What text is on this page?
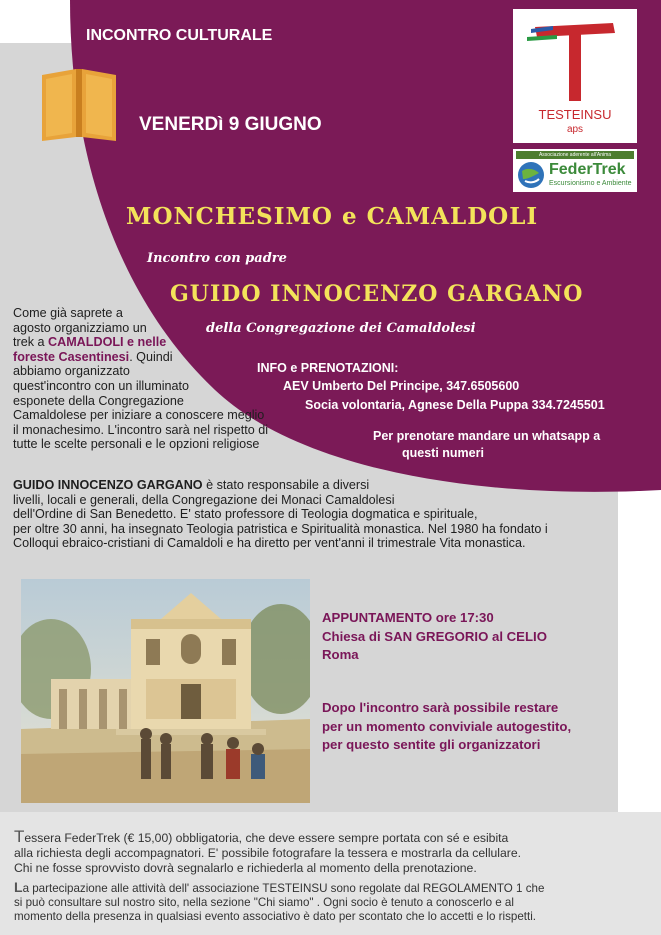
INCONTRO CULTURALE
VENERDì 9 GIUGNO	TESTEINSU
aps
Associazione aderente all'Anima
FederTrek
Escursionismo e Ambiente
MONCHESIMO e CAMALDOLI
Incontro con padre
GUIDO INNOCENZO GARGANO
della Congregazione dei Camaldolesi
INFO e PRENOTAZIONI:
AEV Umberto Del Principe, 347.6505600
Socia volontaria, Agnese Della Puppa 334.7245501
Per prenotare mandare un whatsapp a
questi numeri
Come già saprete a
agosto organizziamo un
trek a CAMALDOLI e nelle
foreste Casentinesi. Quindi
abbiamo organizzato
quest'incontro con un illuminato
esponete della Congregazione
Camaldolese per iniziare a conoscere meglio
il monachesimo. L'incontro sarà nel rispetto di
tutte le scelte personali e le opzioni religiose
GUIDO INNOCENZO GARGANO è stato responsabile a diversi
livelli, locali e generali, della Congregazione dei Monaci Camaldolesi
dell'Ordine di San Benedetto. E' stato professore di Teologia dogmatica e spirituale,
per oltre 30 anni, ha insegnato Teologia patristica e Spiritualità monastica. Nel 1980 ha fondato i
Colloqui ebraico-cristiani di Camaldoli e ha diretto per vent'anni il trimestrale Vita monastica.
APPUNTAMENTO ore 17:30
Chiesa di SAN GREGORIO al CELIO
Roma
Dopo l'incontro sarà possibile restare
per un momento conviviale autogestito,
per questo sentite gli organizzatori
Tessera FederTrek (€ 15,00) obbligatoria, che deve essere sempre portata con sé e esibita
alla richiesta degli accompagnatori. E' possibile fotografare la tessera e mostrarla da cellulare.
Chi ne fosse sprovvisto dovrà segnalarlo e richiederla al momento della prenotazione.
La partecipazione alle attività dell' associazione TESTEINSU sono regolate dal REGOLAMENTO 1 che
si può consultare sul nostro sito, nella sezione "Chi siamo" . Ogni socio è tenuto a conoscerlo e al
momento della presenza in qualsiasi evento associativo è dato per scontato che lo accetti e lo rispetti.
